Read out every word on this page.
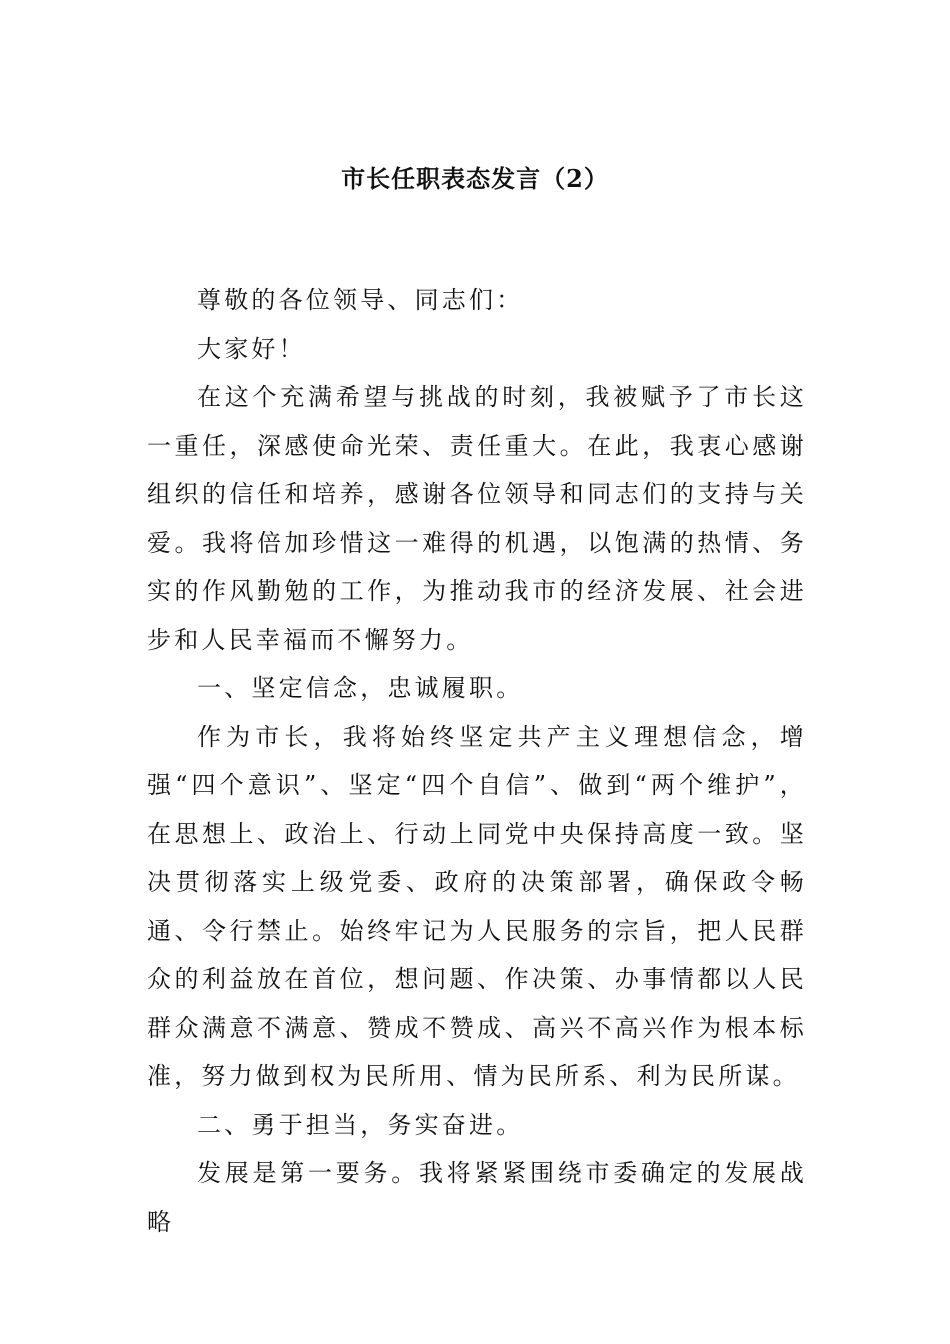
市长任职表态发言（2）

尊敬的各位领导、同志们：

大家好！

在这个充满希望与挑战的时刻，我被赋予了市长这一重任，深感使命光荣、责任重大。在此，我衷心感谢组织的信任和培养，感谢各位领导和同志们的支持与关爱。我将倍加珍惜这一难得的机遇，以饱满的热情、务实的作风勤勉的工作，为推动我市的经济发展、社会进步和人民幸福而不懈努力。

一、坚定信念，忠诚履职。

作为市长，我将始终坚定共产主义理想信念，增强“四个意识”、坚定“四个自信”、做到“两个维护”，在思想上、政治上、行动上同党中央保持高度一致。坚决贯彻落实上级党委、政府的决策部署，确保政令畅通、令行禁止。始终牢记为人民服务的宗旨，把人民群众的利益放在首位，想问题、作决策、办事情都以人民群众满意不满意、赞成不赞成、高兴不高兴作为根本标准，努力做到权为民所用、情为民所系、利为民所谋。

二、勇于担当，务实奋进。

发展是第一要务。我将紧紧围绕市委确定的发展战略
